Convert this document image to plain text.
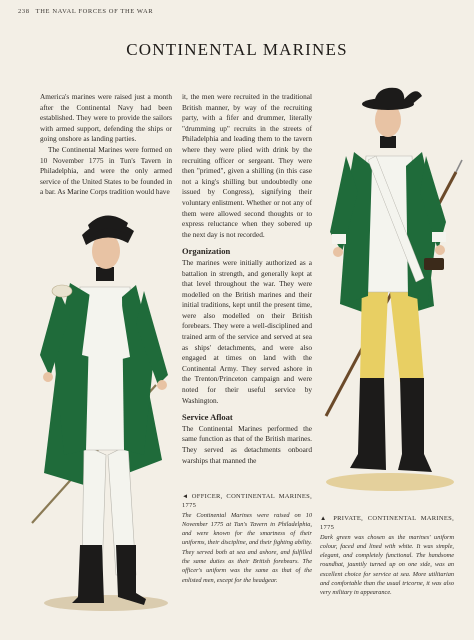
238 THE NAVAL FORCES OF THE WAR
CONTINENTAL MARINES

America's marines were raised just a month after the Continental Navy had been established. They were to provide the sailors with armed support, defending the ships or going onshore as landing parties.

The Continental Marines were formed on 10 November 1775 in Tun's Tavern in Philadelphia, and were the only armed service of the United States to be founded in a bar. As Marine Corps tradition would have

it, the men were recruited in the traditional British manner, by way of the recruiting party, with a fifer and drummer, literally "drumming up" recruits in the streets of Philadelphia and leading them to the tavern where they were plied with drink by the recruiting officer or sergeant. They were then "primed", given a shilling (in this case not a king's shilling but undoubtedly one issued by Congress), signifying their voluntary enlistment. Whether or not any of them were allowed second thoughts or to express reluctance when they sobered up the next day is not recorded.

Organization

The marines were initially authorized as a battalion in strength, and generally kept at that level throughout the war. They were modelled on the British marines and their initial traditions, kept until the present time, were also modelled on their British forebears. They were a well-disciplined and trained arm of the service and served at sea as ships' detachments, and were also engaged at times on land with the Continental Army. They served ashore in the Trenton/Princeton campaign and were noted for their useful service by Washington.

Service Afloat

The Continental Marines performed the same function as that of the British marines. They served as detachments onboard warships that manned the

◄ OFFICER, CONTINENTAL MARINES, 1775
The Continental Marines were raised on 10 November 1775 at Tun's Tavern in Philadelphia, and were known for the smartness of their uniforms, their discipline, and their fighting ability. They served both at sea and ashore, and fulfilled the same duties as their British forebears. The officer's uniform was the same as that of the enlisted men, except for the headgear.
▲ PRIVATE, CONTINENTAL MARINES, 1775
Dark green was chosen as the marines' uniform colour, faced and lined with white. It was simple, elegant, and completely functional. The handsome roundhat, jauntily turned up on one side, was an excellent choice for service at sea. More utilitarian and comfortable than the usual tricorne, it was also very military in appearance.
